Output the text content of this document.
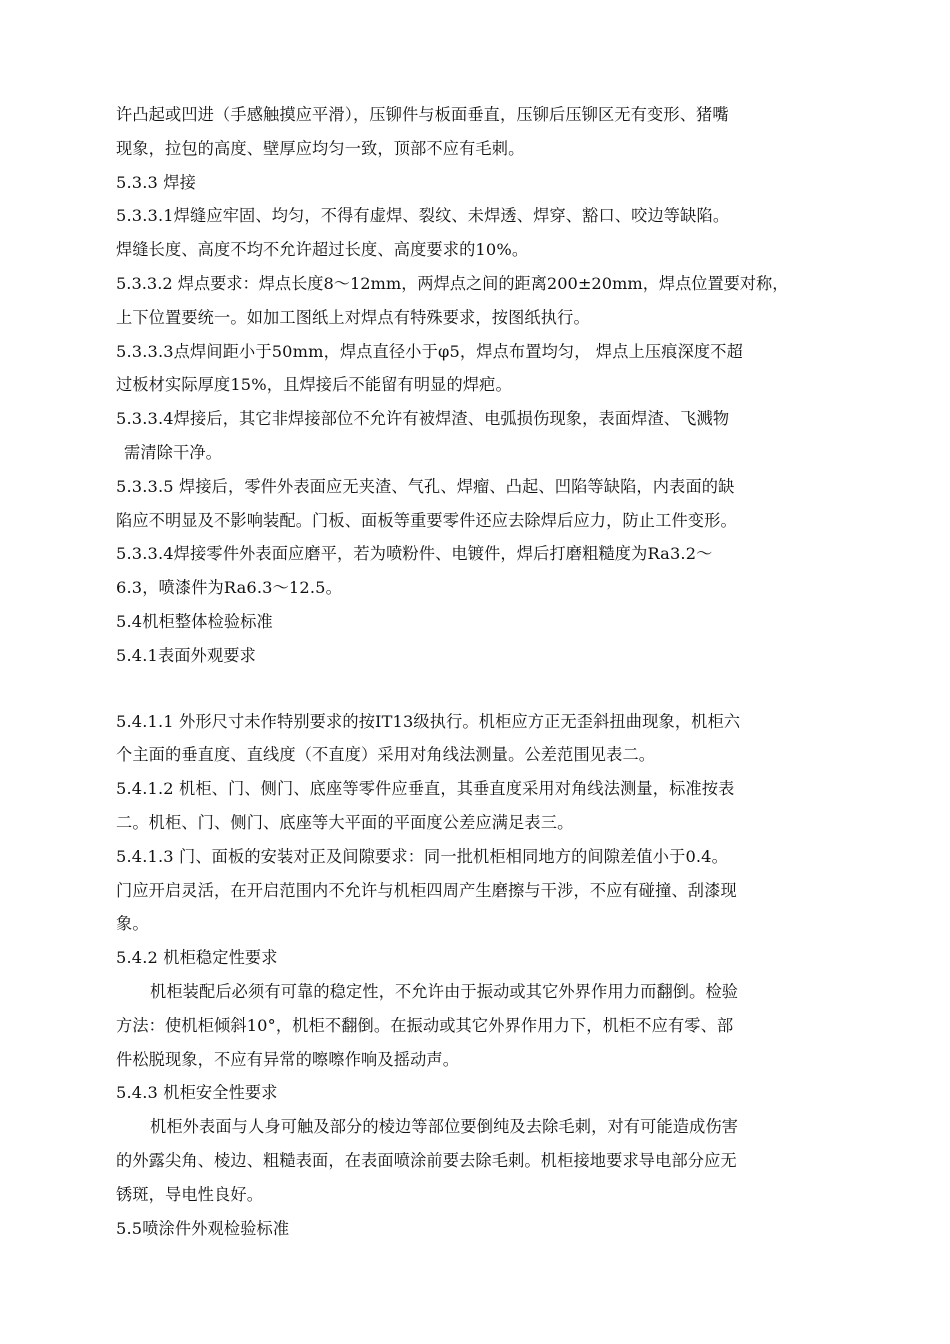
许凸起或凹进（手感触摸应平滑），压铆件与板面垂直，压铆后压铆区无有变形、猪嘴
现象，拉包的高度、壁厚应均匀一致，顶部不应有毛刺。
5.3.3 焊接
5.3.3.1焊缝应牢固、均匀，不得有虚焊、裂纹、未焊透、焊穿、豁口、咬边等缺陷。
焊缝长度、高度不均不允许超过长度、高度要求的10%。
5.3.3.2 焊点要求：焊点长度8～12mm，两焊点之间的距离200±20mm，焊点位置要对称，
上下位置要统一。如加工图纸上对焊点有特殊要求，按图纸执行。
5.3.3.3点焊间距小于50mm，焊点直径小于φ5，焊点布置均匀， 焊点上压痕深度不超
过板材实际厚度15%，且焊接后不能留有明显的焊疤。
5.3.3.4焊接后，其它非焊接部位不允许有被焊渣、电弧损伤现象，表面焊渣、飞溅物
需清除干净。
5.3.3.5 焊接后，零件外表面应无夹渣、气孔、焊瘤、凸起、凹陷等缺陷，内表面的缺
陷应不明显及不影响装配。门板、面板等重要零件还应去除焊后应力，防止工件变形。
5.3.3.4焊接零件外表面应磨平，若为喷粉件、电镀件，焊后打磨粗糙度为Ra3.2～
6.3，喷漆件为Ra6.3～12.5。
5.4机柜整体检验标准
5.4.1表面外观要求
5.4.1.1 外形尺寸未作特别要求的按IT13级执行。机柜应方正无歪斜扭曲现象，机柜六
个主面的垂直度、直线度（不直度）采用对角线法测量。公差范围见表二。
5.4.1.2 机柜、门、侧门、底座等零件应垂直，其垂直度采用对角线法测量，标准按表
二。机柜、门、侧门、底座等大平面的平面度公差应满足表三。
5.4.1.3 门、面板的安装对正及间隙要求：同一批机柜相同地方的间隙差值小于0.4。
门应开启灵活，在开启范围内不允许与机柜四周产生磨擦与干涉，不应有碰撞、刮漆现
象。
5.4.2 机柜稳定性要求
机柜装配后必须有可靠的稳定性，不允许由于振动或其它外界作用力而翻倒。检验
方法：使机柜倾斜10°，机柜不翻倒。在振动或其它外界作用力下，机柜不应有零、部
件松脱现象，不应有异常的嚓嚓作响及摇动声。
5.4.3 机柜安全性要求
机柜外表面与人身可触及部分的棱边等部位要倒纯及去除毛刺，对有可能造成伤害
的外露尖角、棱边、粗糙表面，在表面喷涂前要去除毛刺。机柜接地要求导电部分应无
锈斑，导电性良好。
5.5喷涂件外观检验标准
